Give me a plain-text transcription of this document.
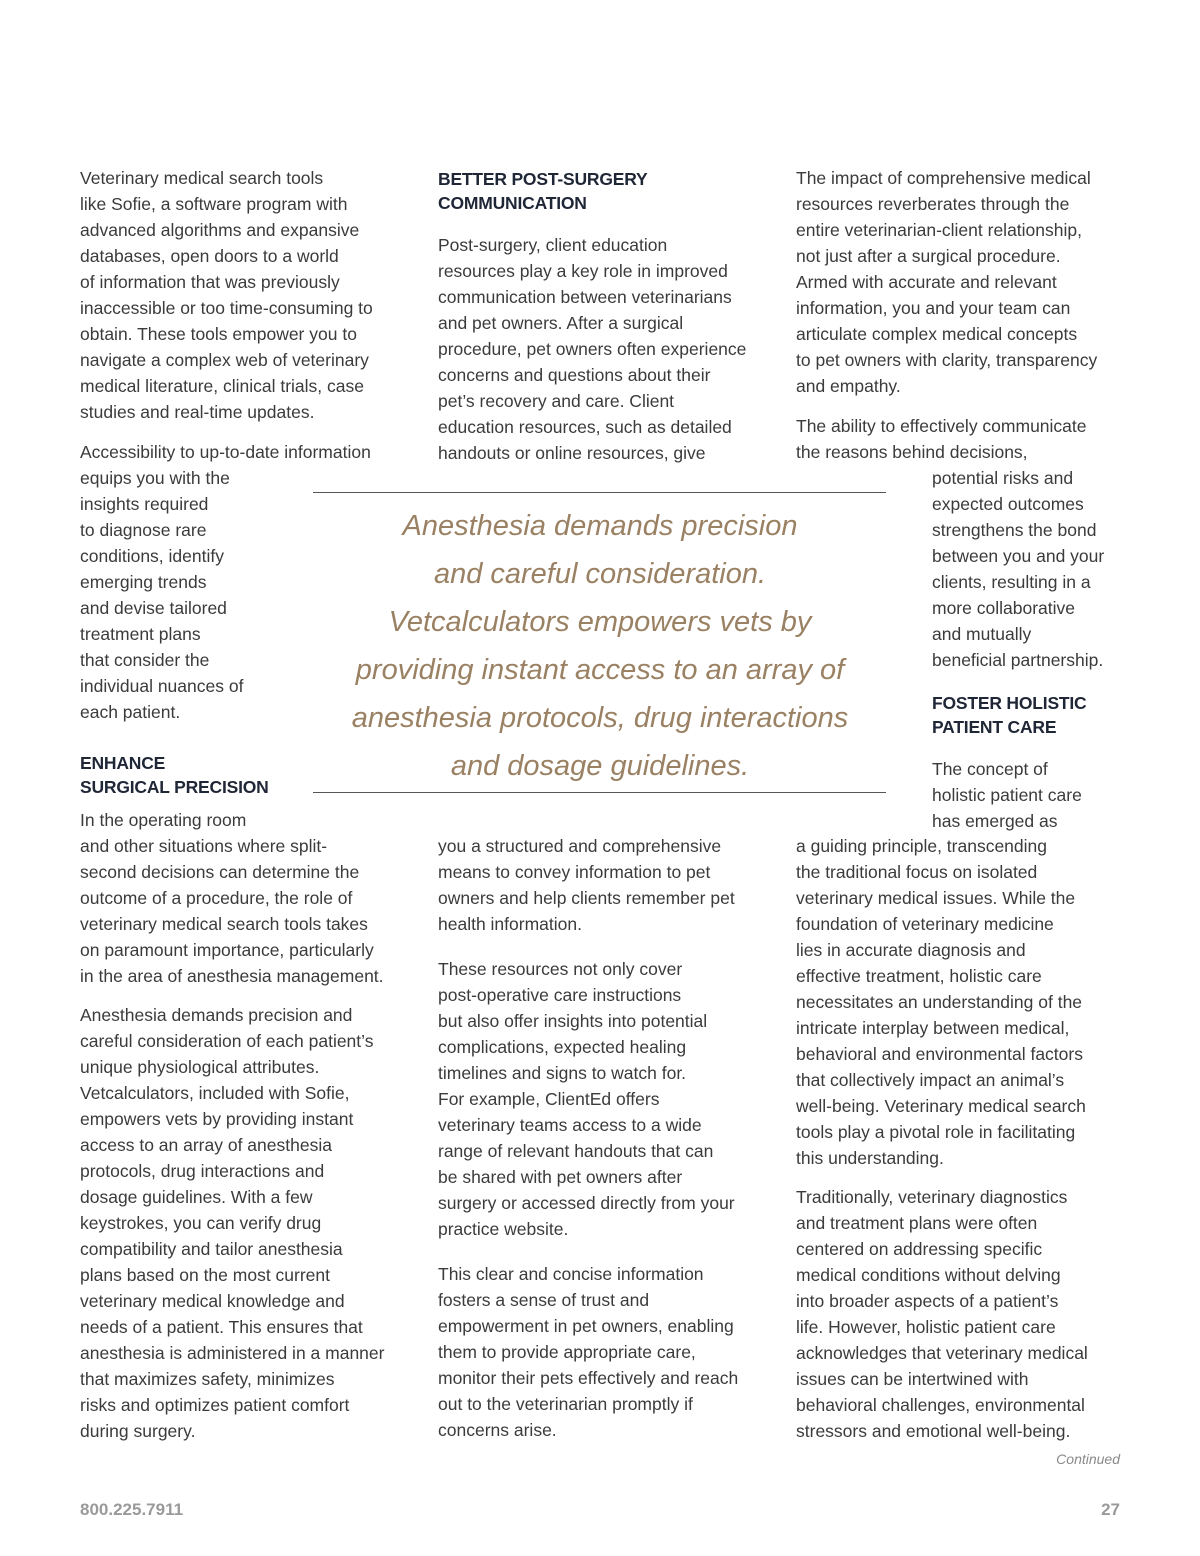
Veterinary medical search tools
like Sofie, a software program with
advanced algorithms and expansive
databases, open doors to a world
of information that was previously
inaccessible or too time-consuming to
obtain. These tools empower you to
navigate a complex web of veterinary
medical literature, clinical trials, case
studies and real-time updates.
Accessibility to up-to-date information
equips you with the
insights required
to diagnose rare
conditions, identify
emerging trends
and devise tailored
treatment plans
that consider the
individual nuances of
each patient.
ENHANCE
SURGICAL PRECISION
In the operating room
and other situations where split-
second decisions can determine the
outcome of a procedure, the role of
veterinary medical search tools takes
on paramount importance, particularly
in the area of anesthesia management.
Anesthesia demands precision and
careful consideration of each patient’s
unique physiological attributes.
Vetcalculators, included with Sofie,
empowers vets by providing instant
access to an array of anesthesia
protocols, drug interactions and
dosage guidelines. With a few
keystrokes, you can verify drug
compatibility and tailor anesthesia
plans based on the most current
veterinary medical knowledge and
needs of a patient. This ensures that
anesthesia is administered in a manner
that maximizes safety, minimizes
risks and optimizes patient comfort
during surgery.
BETTER POST-SURGERY
COMMUNICATION
Post-surgery, client education
resources play a key role in improved
communication between veterinarians
and pet owners. After a surgical
procedure, pet owners often experience
concerns and questions about their
pet’s recovery and care. Client
education resources, such as detailed
handouts or online resources, give
you a structured and comprehensive
means to convey information to pet
owners and help clients remember pet
health information.
These resources not only cover
post-operative care instructions
but also offer insights into potential
complications, expected healing
timelines and signs to watch for.
For example, ClientEd offers
veterinary teams access to a wide
range of relevant handouts that can
be shared with pet owners after
surgery or accessed directly from your
practice website.
This clear and concise information
fosters a sense of trust and
empowerment in pet owners, enabling
them to provide appropriate care,
monitor their pets effectively and reach
out to the veterinarian promptly if
concerns arise.
The impact of comprehensive medical
resources reverberates through the
entire veterinarian-client relationship,
not just after a surgical procedure.
Armed with accurate and relevant
information, you and your team can
articulate complex medical concepts
to pet owners with clarity, transparency
and empathy.
The ability to effectively communicate
the reasons behind decisions,
potential risks and
expected outcomes
strengthens the bond
between you and your
clients, resulting in a
more collaborative
and mutually
beneficial partnership.
FOSTER HOLISTIC
PATIENT CARE
The concept of
holistic patient care
has emerged as
a guiding principle, transcending
the traditional focus on isolated
veterinary medical issues. While the
foundation of veterinary medicine
lies in accurate diagnosis and
effective treatment, holistic care
necessitates an understanding of the
intricate interplay between medical,
behavioral and environmental factors
that collectively impact an animal’s
well-being. Veterinary medical search
tools play a pivotal role in facilitating
this understanding.
Traditionally, veterinary diagnostics
and treatment plans were often
centered on addressing specific
medical conditions without delving
into broader aspects of a patient’s
life. However, holistic patient care
acknowledges that veterinary medical
issues can be intertwined with
behavioral challenges, environmental
stressors and emotional well-being.
Anesthesia demands precision
and careful consideration.
Vetcalculators empowers vets by
providing instant access to an array of
anesthesia protocols, drug interactions
and dosage guidelines.
Continued
800.225.7911	27
